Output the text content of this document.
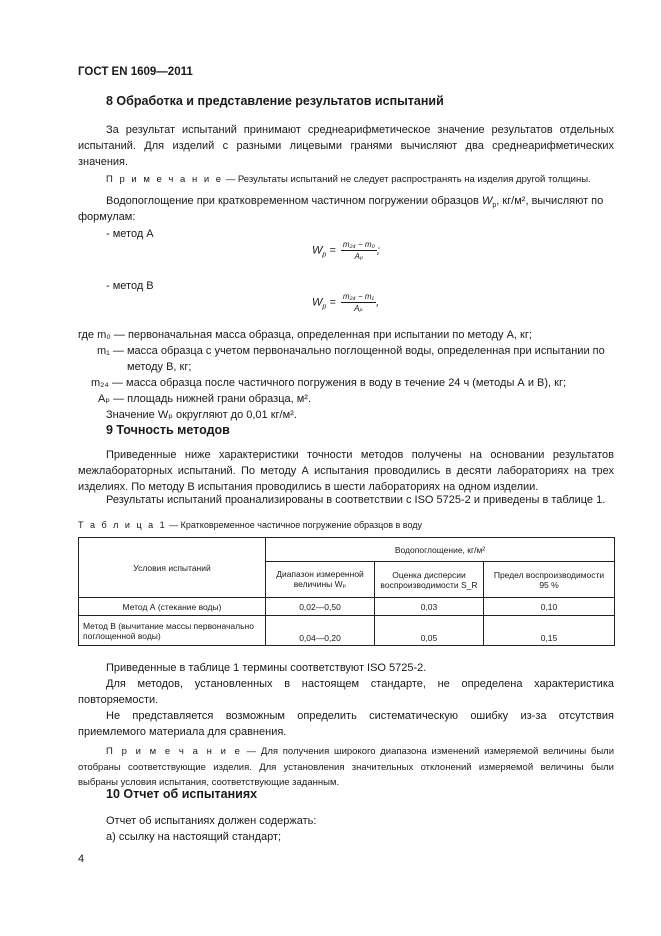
ГОСТ EN 1609—2011
8 Обработка и представление результатов испытаний
За результат испытаний принимают среднеарифметическое значение результатов отдельных испытаний. Для изделий с разными лицевыми гранями вычисляют два среднеарифметических значения.
П р и м е ч а н и е — Результаты испытаний не следует распространять на изделия другой толщины.
Водопоглощение при кратковременном частичном погружении образцов $W_p$, кг/м², вычисляют по
формулам:
- метод А
$W_p = \frac{\text{m₂₄ − m₀}}{\text{Aₚ}}$ ;
- метод В
$W_p = \frac{\text{m₂₄ − m₁}}{\text{Aₚ}}$ ,
где m₀ — первоначальная масса образца, определенная при испытании по методу А, кг;
m₁ — масса образца с учетом первоначально поглощенной воды, определенная при испытании по
методу В, кг;
m₂₄ — масса образца после частичного погружения в воду в течение 24 ч (методы А и В), кг;
Aₚ — площадь нижней грани образца, м².
Значение Wₚ округляют до 0,01 кг/м².
9 Точность методов
Приведенные ниже характеристики точности методов получены на основании результатов межлабораторных испытаний. По методу А испытания проводились в десяти лабораториях на трех изделиях. По методу В испытания проводились в шести лабораториях на одном изделии.
Результаты испытаний проанализированы в соответствии с ISO 5725-2 и приведены в таблице 1.
Т а б л и ц а 1 — Кратковременное частичное погружение образцов в воду
Условия испытаний	Водопоглощение, кг/м²		
	Диапазон измеренной величины Wₚ	Оценка дисперсии воспроизводимости S_R	Предел воспроизводимости 95 %
Метод А (стекание воды)	0,02—0,50	0,03	0,10
Метод В (вычитание массы первоначально поглощенной воды)	0,04—0,20	0,05	0,15
Приведенные в таблице 1 термины соответствуют ISO 5725-2.
Для методов, установленных в настоящем стандарте, не определена характеристика повторяемости.
Не представляется возможным определить систематическую ошибку из-за отсутствия приемлемого материала для сравнения.
П р и м е ч а н и е — Для получения широкого диапазона изменений измеряемой величины были отобраны соответствующие изделия. Для установления значительных отклонений измеряемой величины были выбраны условия испытания, соответствующие заданным.
10 Отчет об испытаниях
Отчет об испытаниях должен содержать:
а) ссылку на настоящий стандарт;
4
